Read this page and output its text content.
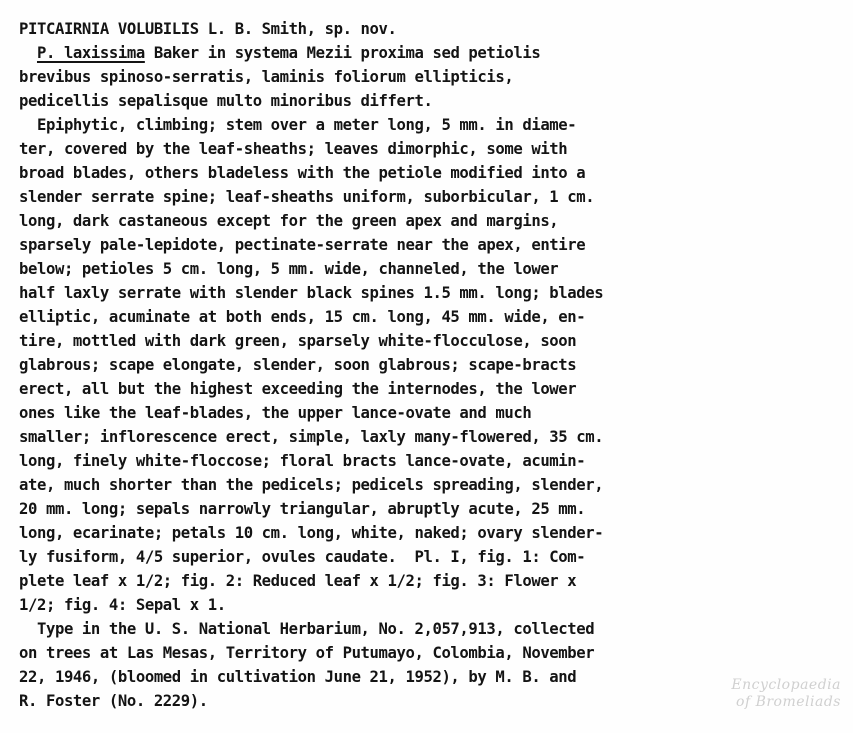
PITCAIRNIA VOLUBILIS L. B. Smith, sp. nov.
P. laxissima Baker in systema Mezii proxima sed petiolis
brevibus spinoso-serratis, laminis foliorum ellipticis,
pedicellis sepalisque multo minoribus differt.
Epiphytic, climbing; stem over a meter long, 5 mm. in diame-
ter, covered by the leaf-sheaths; leaves dimorphic, some with
broad blades, others bladeless with the petiole modified into a
slender serrate spine; leaf-sheaths uniform, suborbicular, 1 cm.
long, dark castaneous except for the green apex and margins,
sparsely pale-lepidote, pectinate-serrate near the apex, entire
below; petioles 5 cm. long, 5 mm. wide, channeled, the lower
half laxly serrate with slender black spines 1.5 mm. long; blades
elliptic, acuminate at both ends, 15 cm. long, 45 mm. wide, en-
tire, mottled with dark green, sparsely white-flocculose, soon
glabrous; scape elongate, slender, soon glabrous; scape-bracts
erect, all but the highest exceeding the internodes, the lower
ones like the leaf-blades, the upper lance-ovate and much
smaller; inflorescence erect, simple, laxly many-flowered, 35 cm.
long, finely white-floccose; floral bracts lance-ovate, acumin-
ate, much shorter than the pedicels; pedicels spreading, slender,
20 mm. long; sepals narrowly triangular, abruptly acute, 25 mm.
long, ecarinate; petals 10 cm. long, white, naked; ovary slender-
ly fusiform, 4/5 superior, ovules caudate.  Pl. I, fig. 1: Com-
plete leaf x 1/2; fig. 2: Reduced leaf x 1/2; fig. 3: Flower x
1/2; fig. 4: Sepal x 1.
Type in the U. S. National Herbarium, No. 2,057,913, collected
on trees at Las Mesas, Territory of Putumayo, Colombia, November
22, 1946, (bloomed in cultivation June 21, 1952), by M. B. and
R. Foster (No. 2229).
Encyclopaedia
of Bromeliads
